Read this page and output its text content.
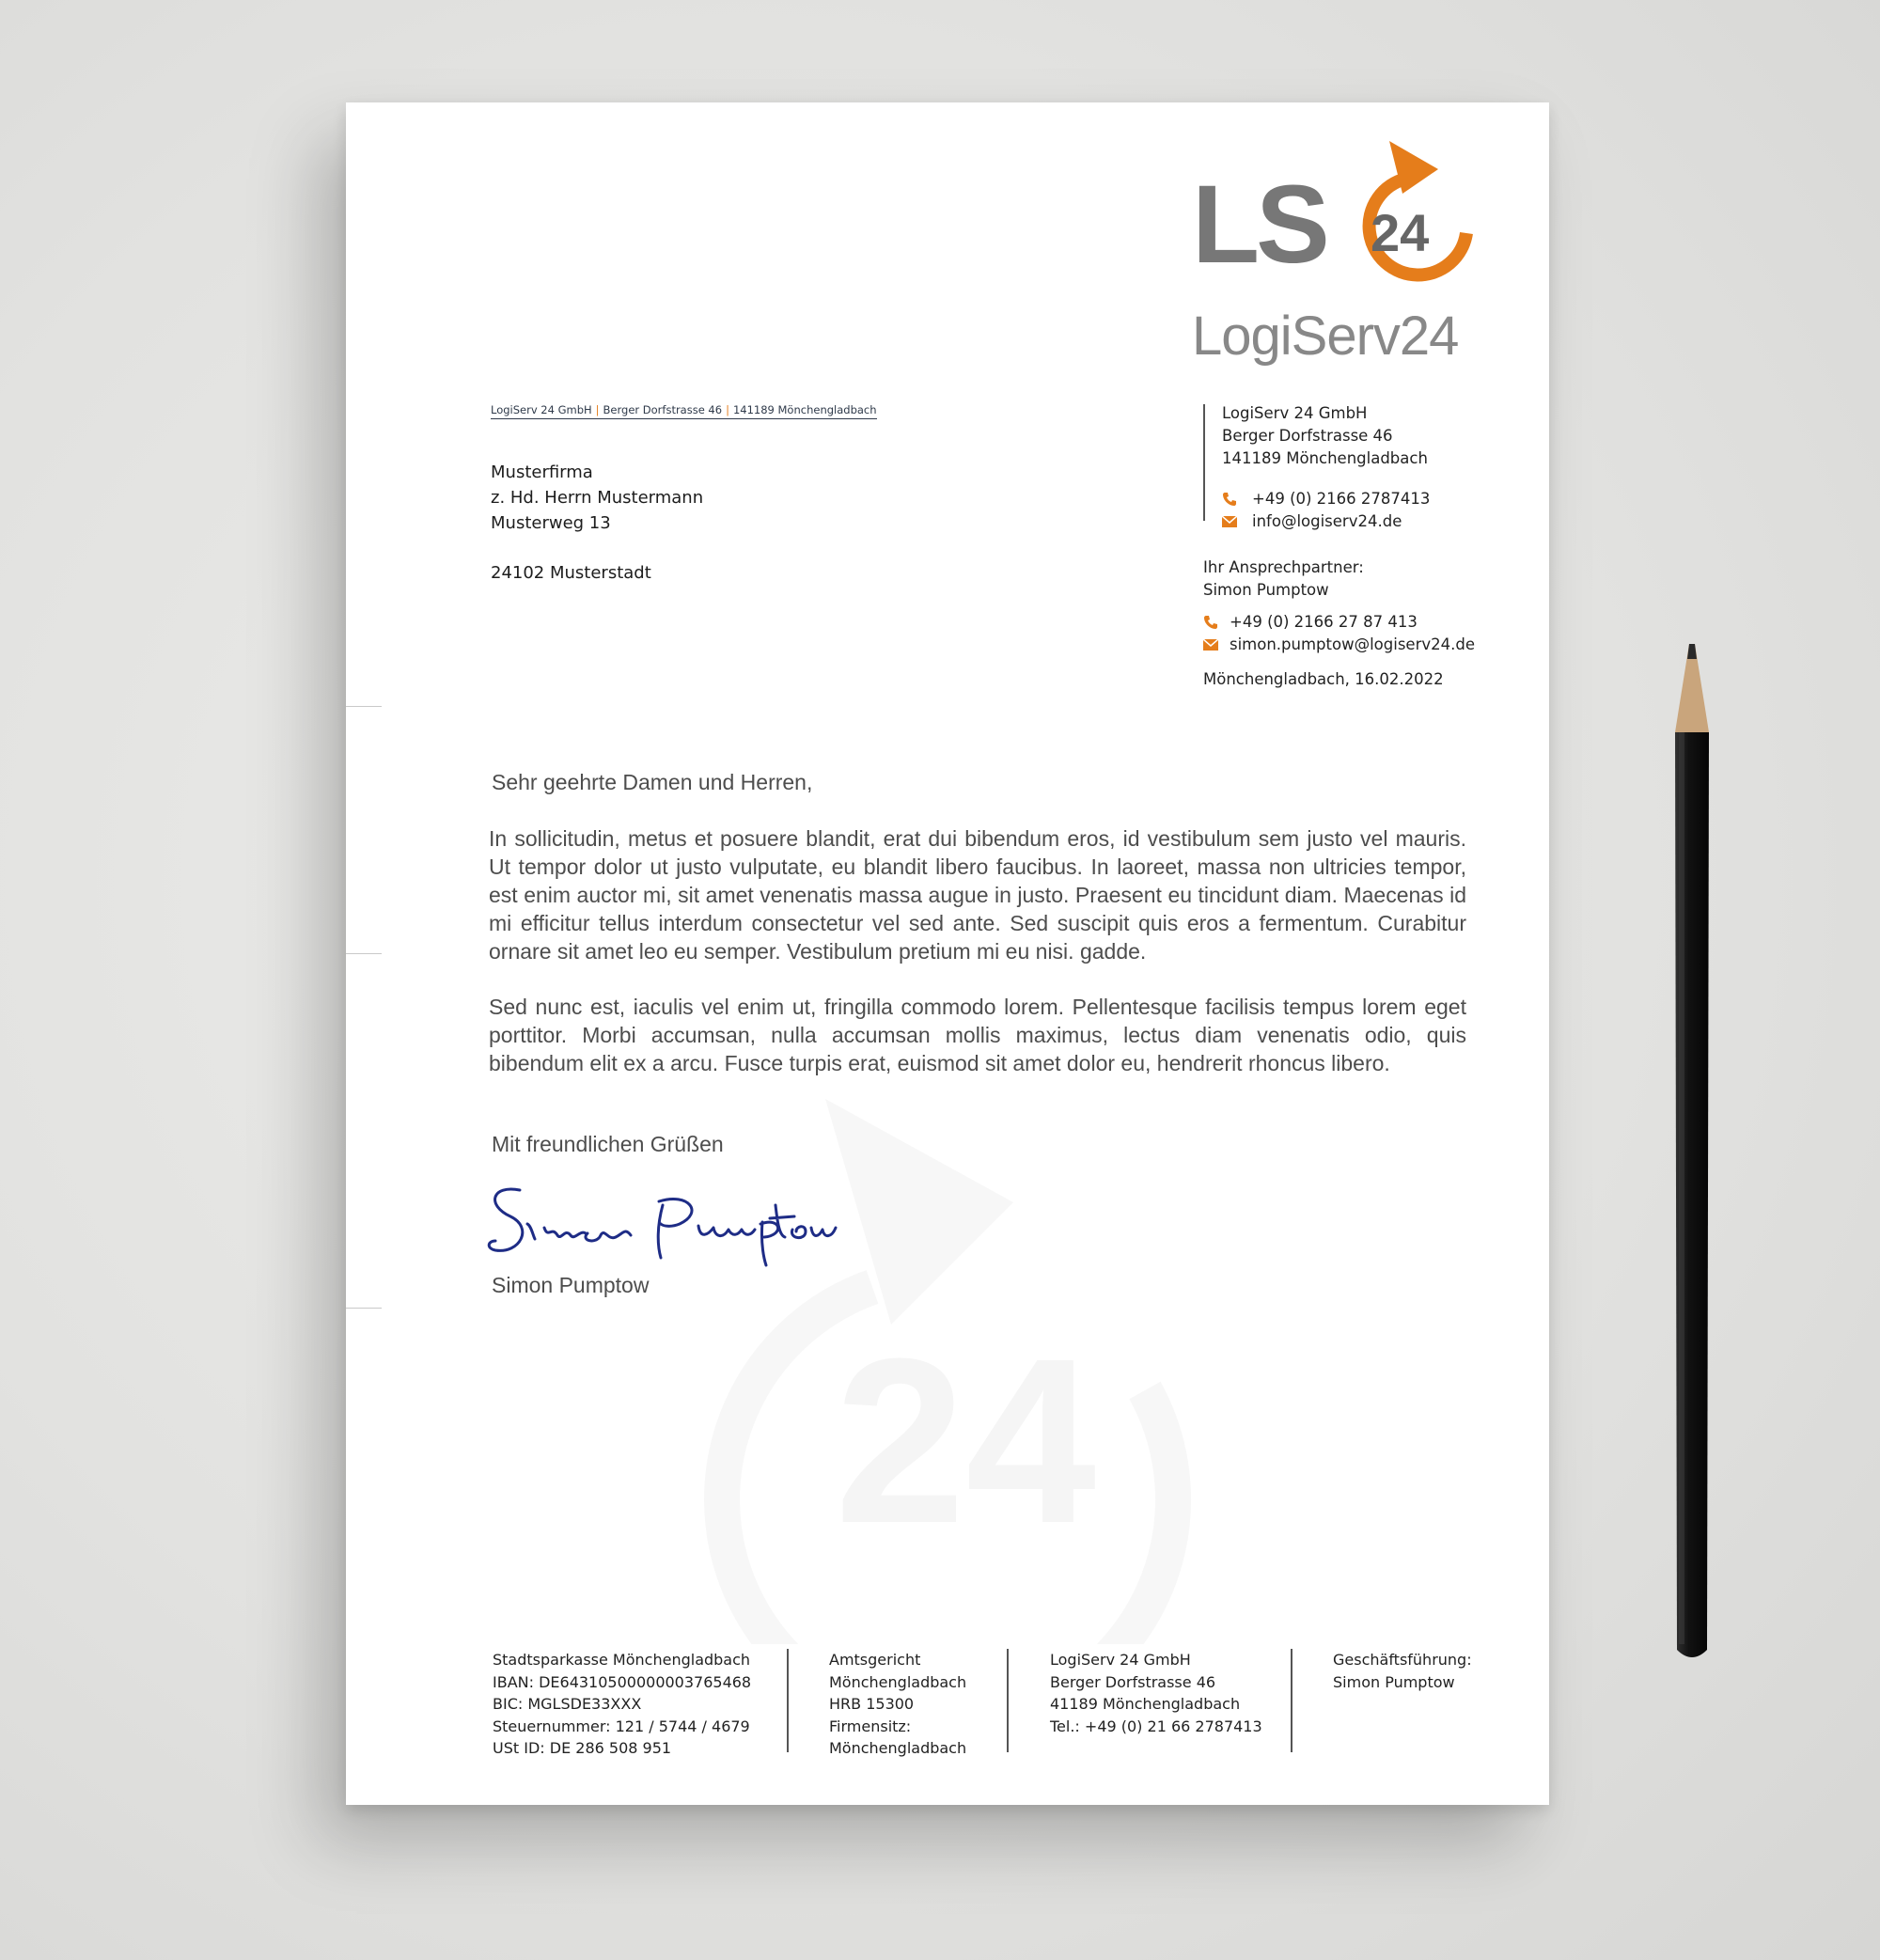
24
LS 24
LogiServ24
LogiServ 24 GmbH | Berger Dorfstrasse 46 | 141189 Mönchengladbach
Musterfirma
z. Hd. Herrn Mustermann
Musterweg 13
24102 Musterstadt
LogiServ 24 GmbH
Berger Dorfstrasse 46
141189 Mönchengladbach
+49 (0) 2166 2787413
info@logiserv24.de
Ihr Ansprechpartner:
Simon Pumptow
+49 (0) 2166 27 87 413
simon.pumptow@logiserv24.de
Mönchengladbach, 16.02.2022
Sehr geehrte Damen und Herren,

In sollicitudin, metus et posuere blandit, erat dui bibendum eros, id vestibulum sem justo vel mauris. Ut tempor dolor ut justo vulputate, eu blandit libero faucibus. In laoreet, massa non ultricies tempor, est enim auctor mi, sit amet venenatis massa augue in justo. Praesent eu tincidunt diam. Maecenas id mi efficitur tellus interdum consectetur vel sed ante. Sed suscipit quis eros a fermentum. Curabitur ornare sit amet leo eu semper. Vestibulum pretium mi eu nisi. gadde.

Sed nunc est, iaculis vel enim ut, fringilla commodo lorem. Pellentesque facilisis tempus lorem eget porttitor. Morbi accumsan, nulla accumsan mollis maximus, lectus diam venenatis odio, quis bibendum elit ex a arcu. Fusce turpis erat, euismod sit amet dolor eu, hendrerit rhoncus libero.

Mit freundlichen Grüßen
Simon Pumptow
Stadtsparkasse Mönchengladbach
IBAN: DE64310500000003765468
BIC: MGLSDE33XXX
Steuernummer: 121 / 5744 / 4679
USt ID: DE 286 508 951
Amtsgericht
Mönchengladbach
HRB 15300
Firmensitz:
Mönchengladbach
LogiServ 24 GmbH
Berger Dorfstrasse 46
41189 Mönchengladbach
Tel.: +49 (0) 21 66 2787413
Geschäftsführung:
Simon Pumptow
